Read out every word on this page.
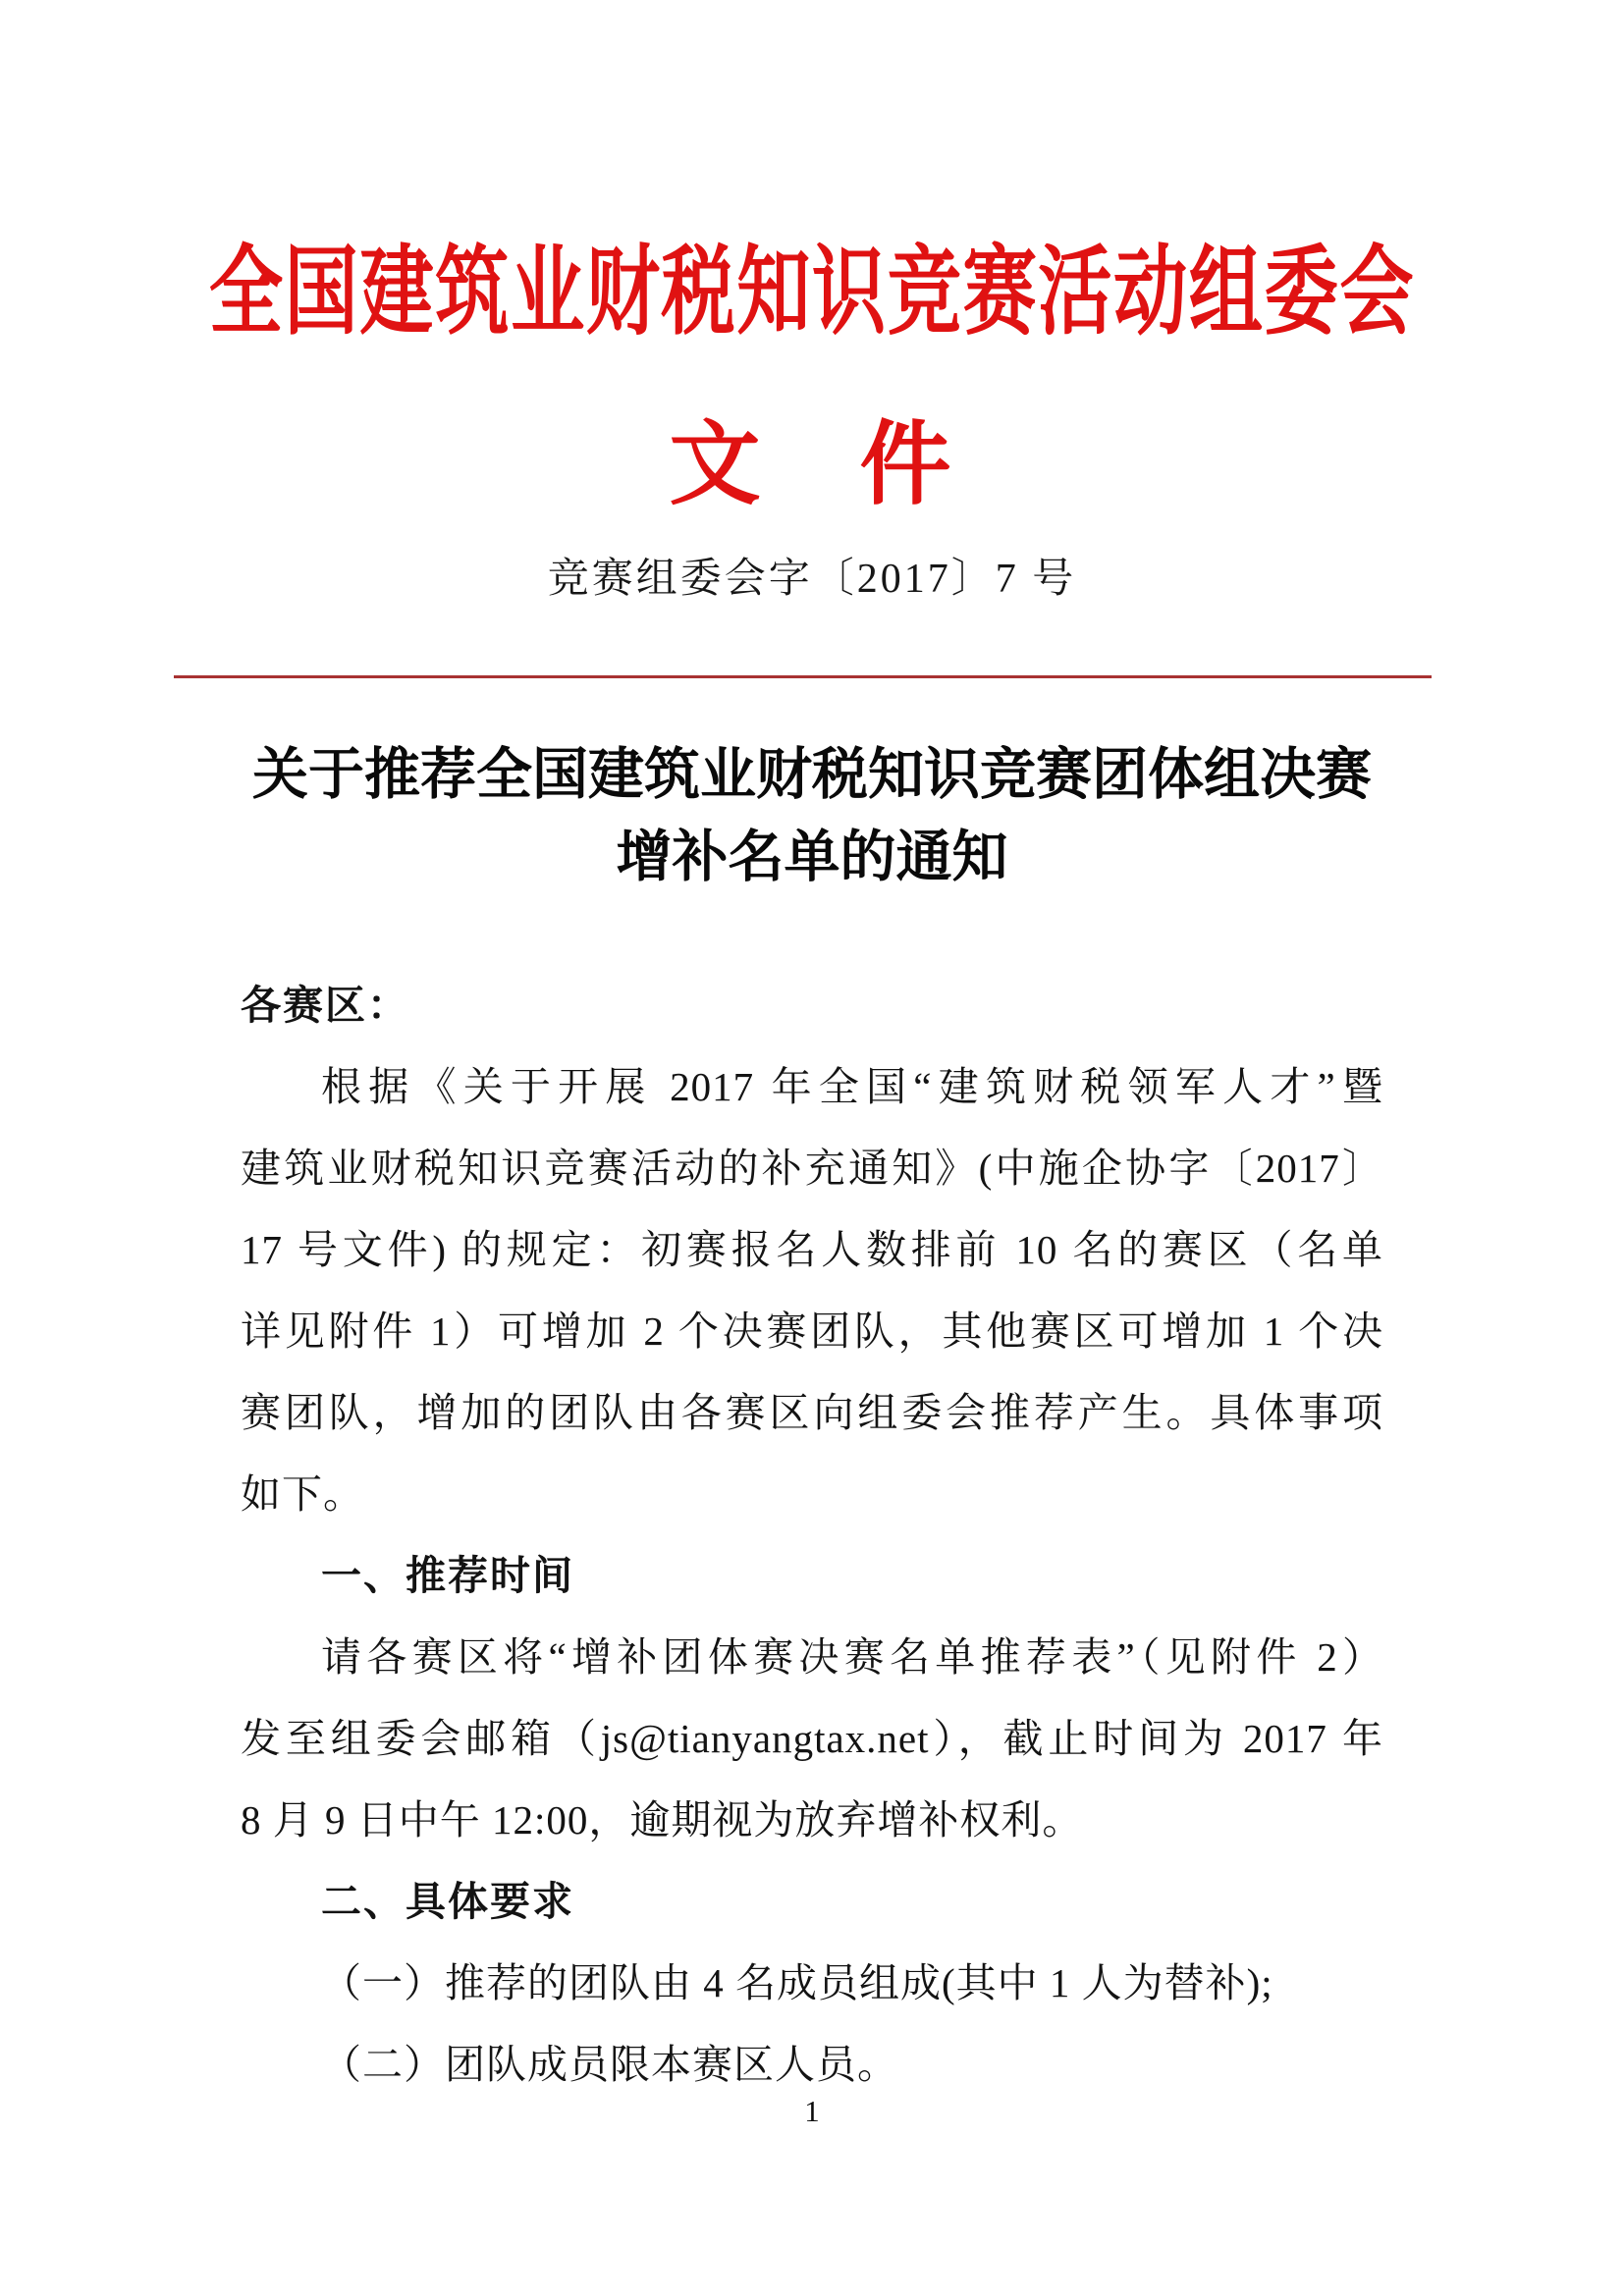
全国建筑业财税知识竞赛活动组委会
文　件
竞赛组委会字〔2017〕7 号
关于推荐全国建筑业财税知识竞赛团体组决赛
增补名单的通知
各赛区：
根据《关于开展 2017 年全国“建筑财税领军人才”暨
建筑业财税知识竞赛活动的补充通知》(中施企协字〔2017〕
17 号文件) 的规定：初赛报名人数排前 10 名的赛区（名单
详见附件 1）可增加 2 个决赛团队，其他赛区可增加 1 个决
赛团队，增加的团队由各赛区向组委会推荐产生。具体事项
如下。
一、推荐时间
请各赛区将“增补团体赛决赛名单推荐表”（见附件 2）
发至组委会邮箱（js@tianyangtax.net），截止时间为 2017 年
8 月 9 日中午 12:00，逾期视为放弃增补权利。
二、具体要求
（一）推荐的团队由 4 名成员组成(其中 1 人为替补);
（二）团队成员限本赛区人员。
1
